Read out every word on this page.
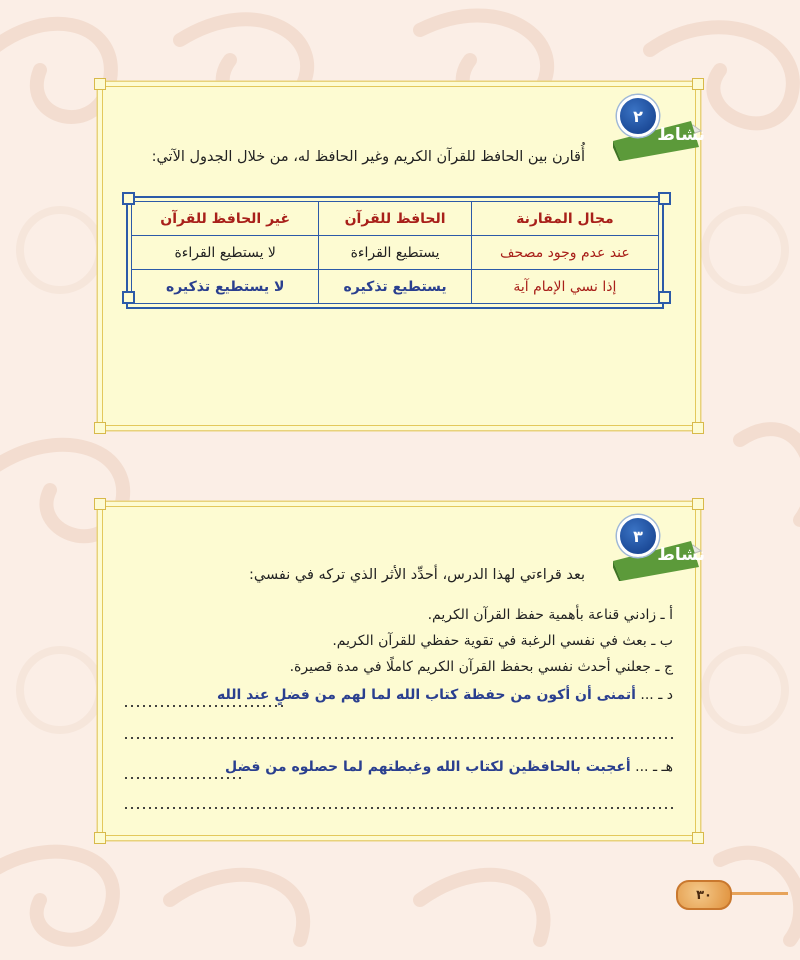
نشاط
٢
أُقارن بين الحافظ للقرآن الكريم وغير الحافظ له، من خلال الجدول الآتي:
مجال المقارنة	الحافظ للقرآن	غير الحافظ للقرآن
عند عدم وجود مصحف	يستطيع القراءة	لا يستطيع القراءة
إذا نسي الإمام آية	يستطيع تذكيره	لا يستطيع تذكيره
نشاط
٣
بعد قراءتي لهذا الدرس، أحدِّد الأثر الذي تركه في نفسي:
أ ـ زادني قناعة بأهمية حفظ القرآن الكريم.
ب ـ بعث في نفسي الرغبة في تقوية حفظي للقرآن الكريم.
ج ـ جعلني أحدث نفسي بحفظ القرآن الكريم كاملًا في مدة قصيرة.
د ـ ... أتمنى أن أكون من حفظة كتاب الله لما لهم من فضلٍ عند الله
هـ ـ ... أعجبت بالحافظين لكتاب الله وغبطتهم لما حصلوه من فضل
٣٠
